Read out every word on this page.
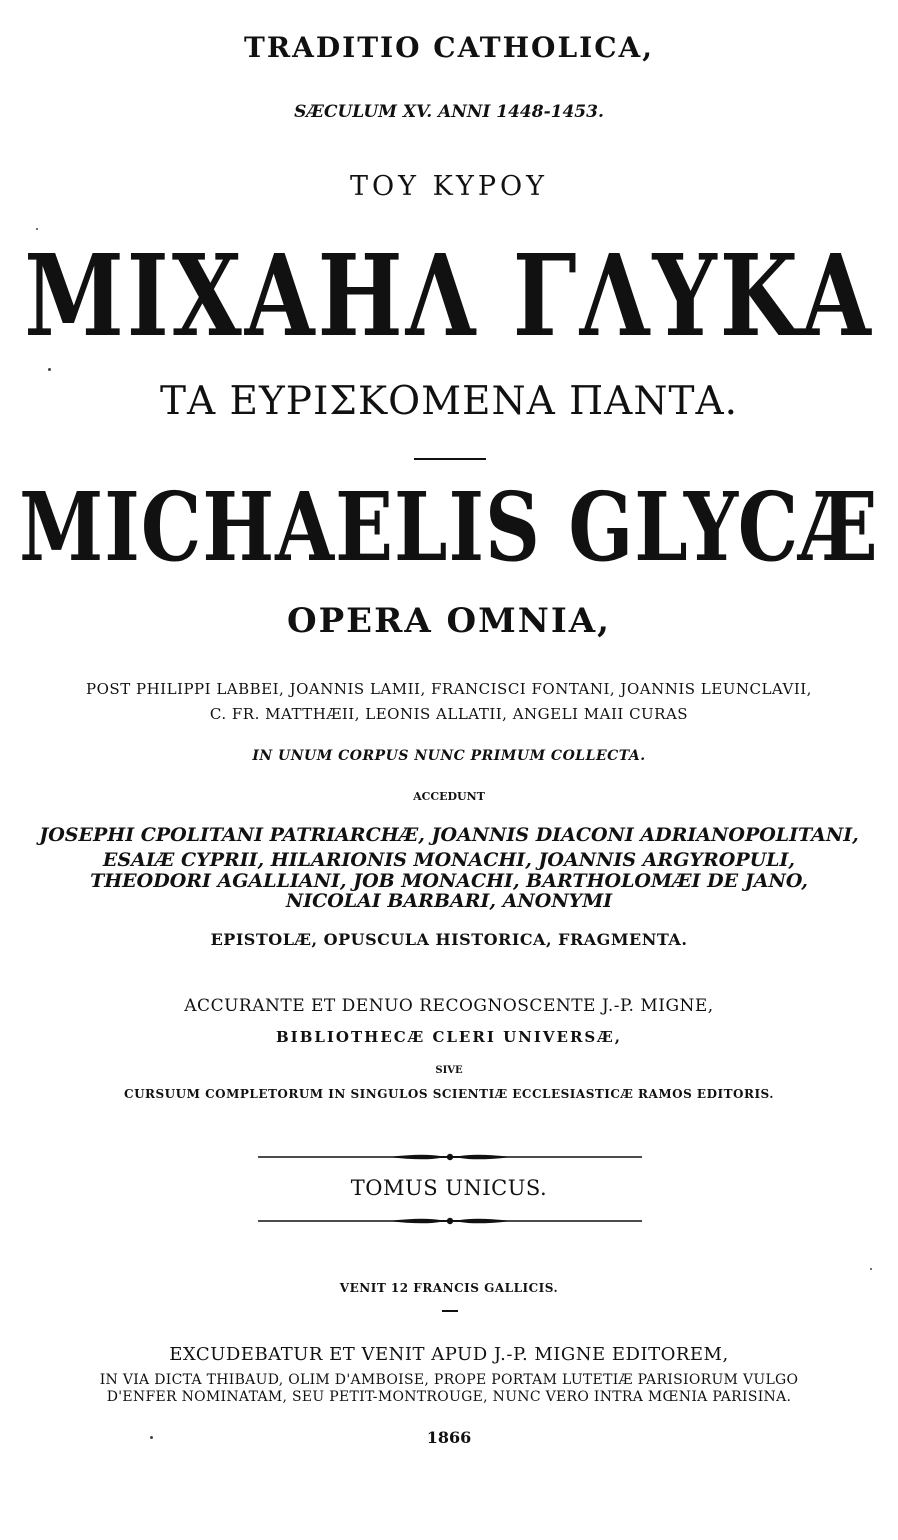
TRADITIO CATHOLICA,
SÆCULUM XV. ANNI 1448-1453.
TOY KYPOY
ΜΙΧΑΗΛ ΓΛΥΚΑ
ΤΑ ΕΥΡΙΣΚΟΜΕΝΑ ΠΑΝΤΑ.
MICHAELIS GLYCÆ
OPERA OMNIA,
POST PHILIPPI LABBEI, JOANNIS LAMII, FRANCISCI FONTANI, JOANNIS LEUNCLAVII,
C. FR. MATTHÆII, LEONIS ALLATII, ANGELI MAII CURAS
IN UNUM CORPUS NUNC PRIMUM COLLECTA.
ACCEDUNT
JOSEPHI CPOLITANI PATRIARCHÆ, JOANNIS DIACONI ADRIANOPOLITANI,
ESAIÆ CYPRII, HILARIONIS MONACHI, JOANNIS ARGYROPULI,
THEODORI AGALLIANI, JOB MONACHI, BARTHOLOMÆI DE JANO,
NICOLAI BARBARI, ANONYMI
EPISTOLÆ, OPUSCULA HISTORICA, FRAGMENTA.
ACCURANTE ET DENUO RECOGNOSCENTE J.-P. MIGNE,
BIBLIOTHECÆ CLERI UNIVERSÆ,
SIVE
CURSUUM COMPLETORUM IN SINGULOS SCIENTIÆ ECCLESIASTICÆ RAMOS EDITORIS.
TOMUS UNICUS.
VENIT 12 FRANCIS GALLICIS.
EXCUDEBATUR ET VENIT APUD J.-P. MIGNE EDITOREM,
IN VIA DICTA THIBAUD, OLIM D'AMBOISE, PROPE PORTAM LUTETIÆ PARISIORUM VULGO
D'ENFER NOMINATAM, SEU PETIT-MONTROUGE, NUNC VERO INTRA MŒNIA PARISINA.
1866
